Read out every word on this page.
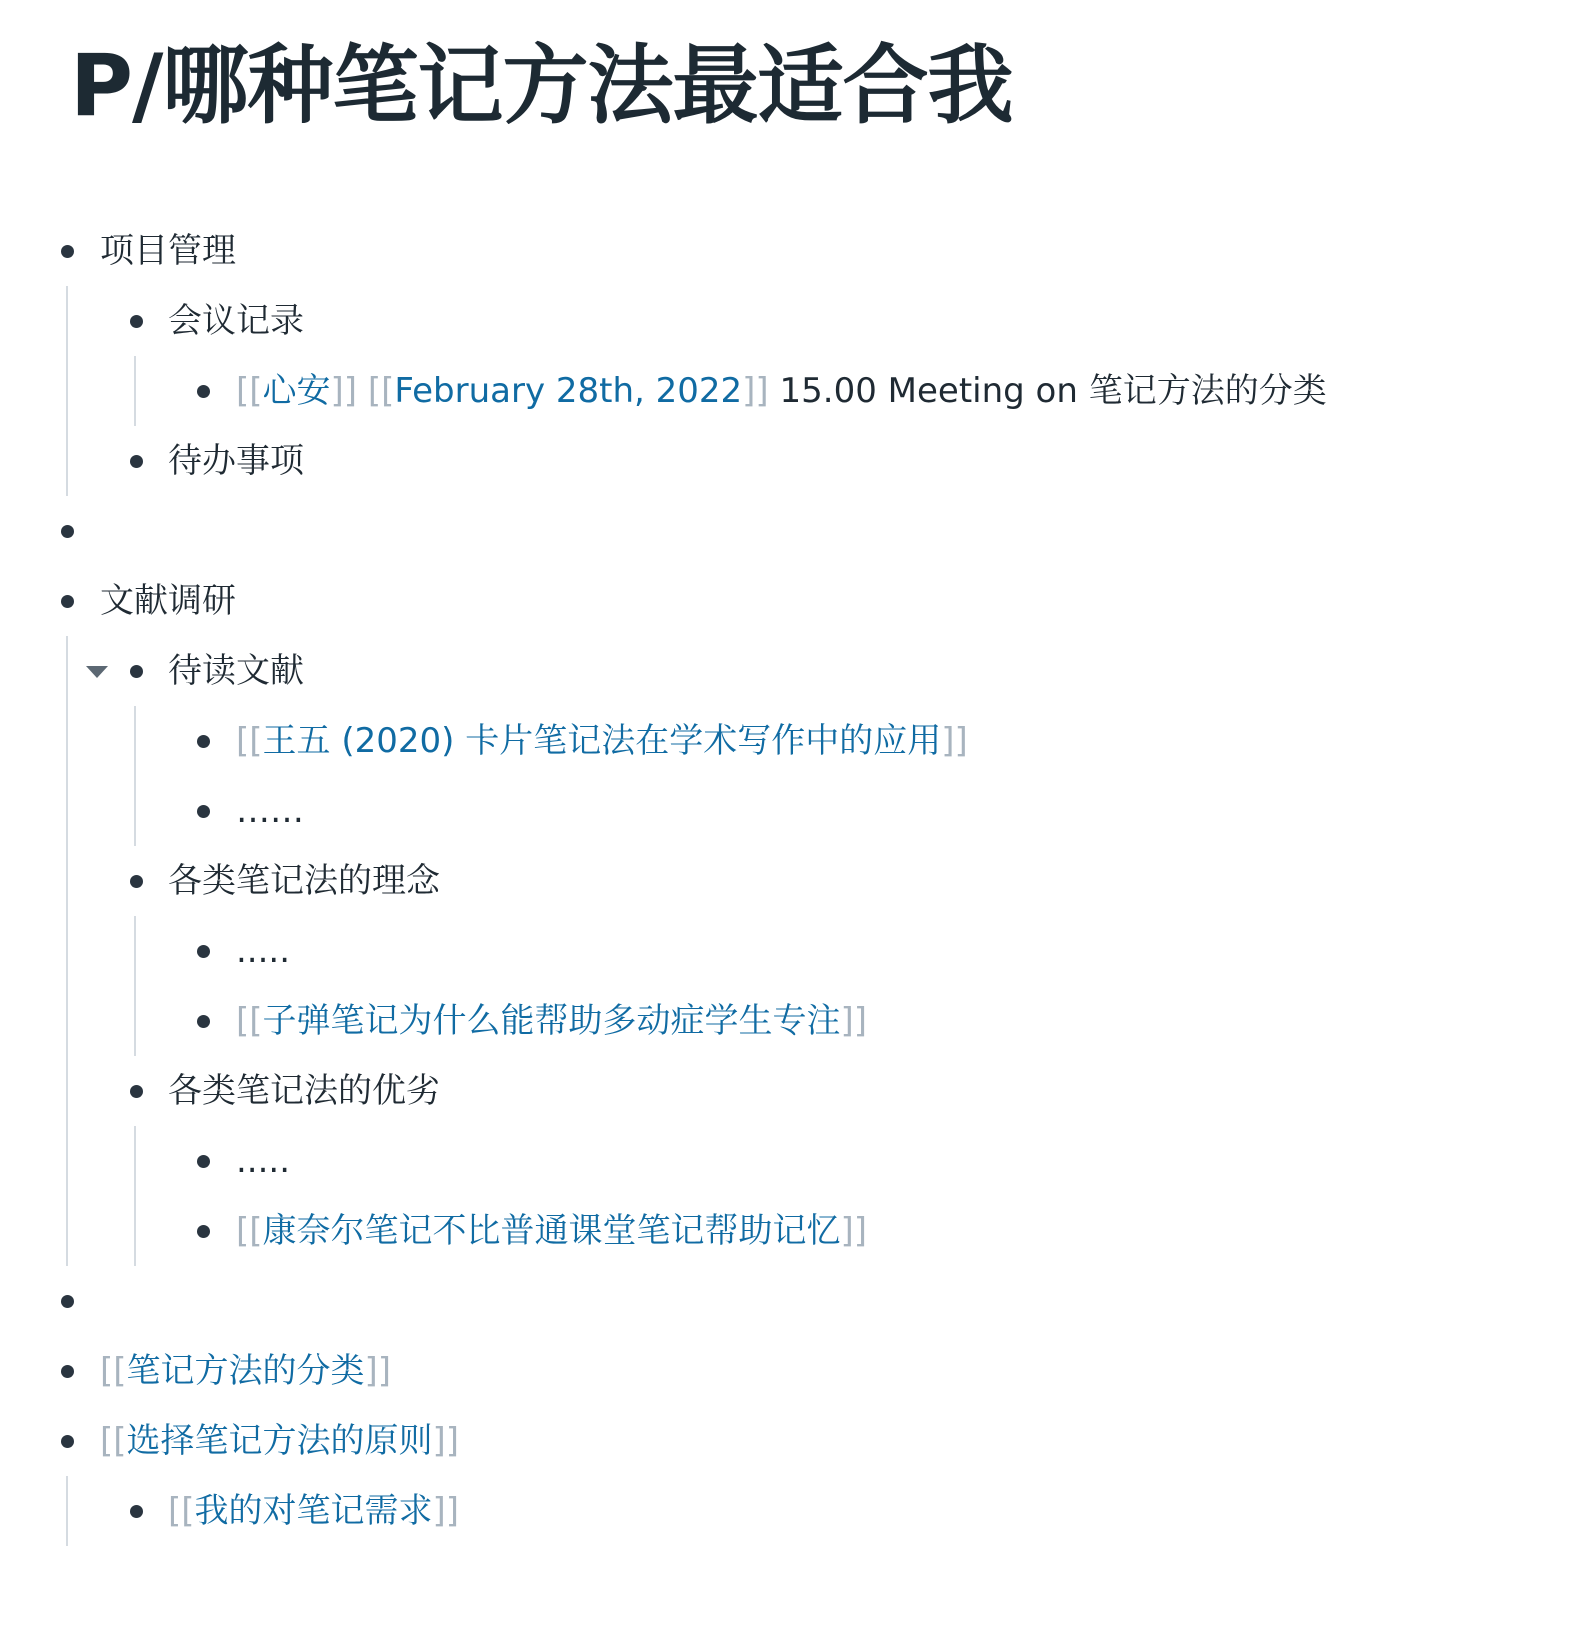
P/哪种笔记方法最适合我
项目管理
会议记录
[[心安]] [[February 28th, 2022]] 15.00 Meeting on 笔记方法的分类
待办事项
文献调研
待读文献
[[王五 (2020) 卡片笔记法在学术写作中的应用]]
……
各类笔记法的理念
.....
[[子弹笔记为什么能帮助多动症学生专注]]
各类笔记法的优劣
.....
[[康奈尔笔记不比普通课堂笔记帮助记忆]]
[[笔记方法的分类]]
[[选择笔记方法的原则]]
[[我的对笔记需求]]
